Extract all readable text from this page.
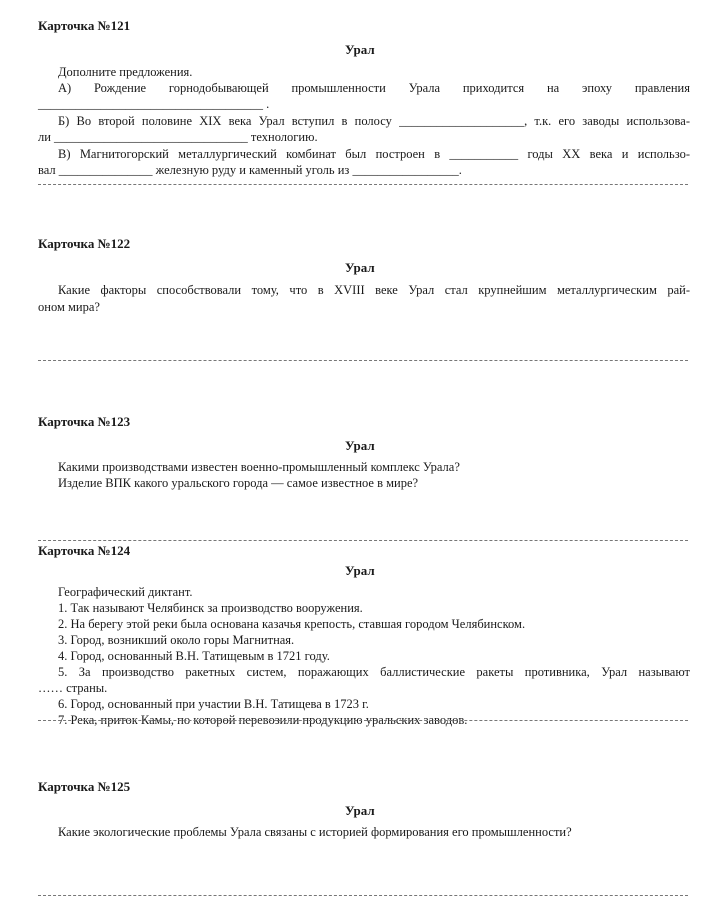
Карточка №121
Урал
Дополните предложения.
А) Рождение горнодобывающей промышленности Урала приходится на эпоху правления
____________________________________ .
Б) Во второй половине XIX века Урал вступил в полосу ____________________, т.к. его заводы использова-
ли _______________________________ технологию.
В) Магнитогорский металлургический комбинат был построен в ___________ годы XX века и использо-
вал _______________ железную руду и каменный уголь из _________________.
Карточка №122
Урал
Какие факторы способствовали тому, что в XVIII веке Урал стал крупнейшим металлургическим рай-
оном мира?
Карточка №123
Урал
Какими производствами известен военно-промышленный комплекс Урала?
Изделие ВПК какого уральского города — самое известное в мире?
Карточка №124
Урал
Географический диктант.
1. Так называют Челябинск за производство вооружения.
2. На берегу этой реки была основана казачья крепость, ставшая городом Челябинском.
3. Город, возникший около горы Магнитная.
4. Город, основанный В.Н. Татищевым в 1721 году.
5. За производство ракетных систем, поражающих баллистические ракеты противника, Урал называют
…… страны.
6. Город, основанный при участии В.Н. Татищева в 1723 г.
7. Река, приток Камы, по которой перевозили продукцию уральских заводов.
Карточка №125
Урал
Какие экологические проблемы Урала связаны с историей формирования его промышленности?
